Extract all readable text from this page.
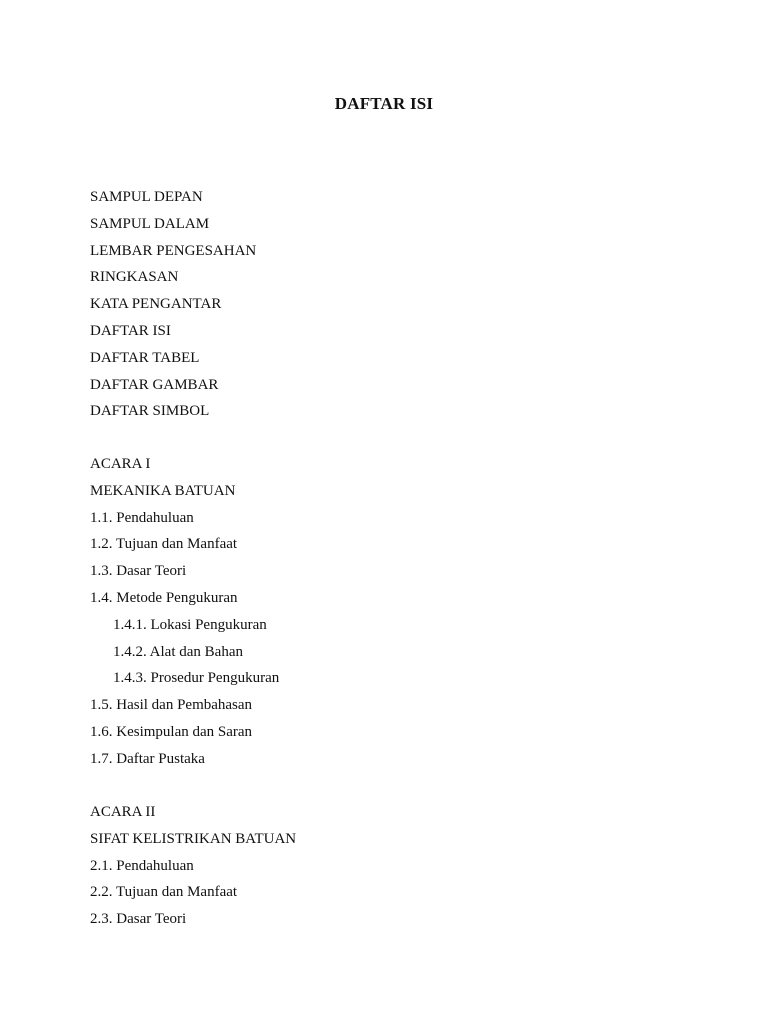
DAFTAR ISI
SAMPUL DEPAN
SAMPUL DALAM
LEMBAR PENGESAHAN
RINGKASAN
KATA PENGANTAR
DAFTAR ISI
DAFTAR TABEL
DAFTAR GAMBAR
DAFTAR SIMBOL
ACARA I
MEKANIKA BATUAN
1.1. Pendahuluan
1.2. Tujuan dan Manfaat
1.3. Dasar Teori
1.4. Metode Pengukuran
1.4.1. Lokasi Pengukuran
1.4.2. Alat dan Bahan
1.4.3. Prosedur Pengukuran
1.5. Hasil dan Pembahasan
1.6. Kesimpulan dan Saran
1.7. Daftar Pustaka
ACARA II
SIFAT KELISTRIKAN BATUAN
2.1. Pendahuluan
2.2. Tujuan dan Manfaat
2.3. Dasar Teori
